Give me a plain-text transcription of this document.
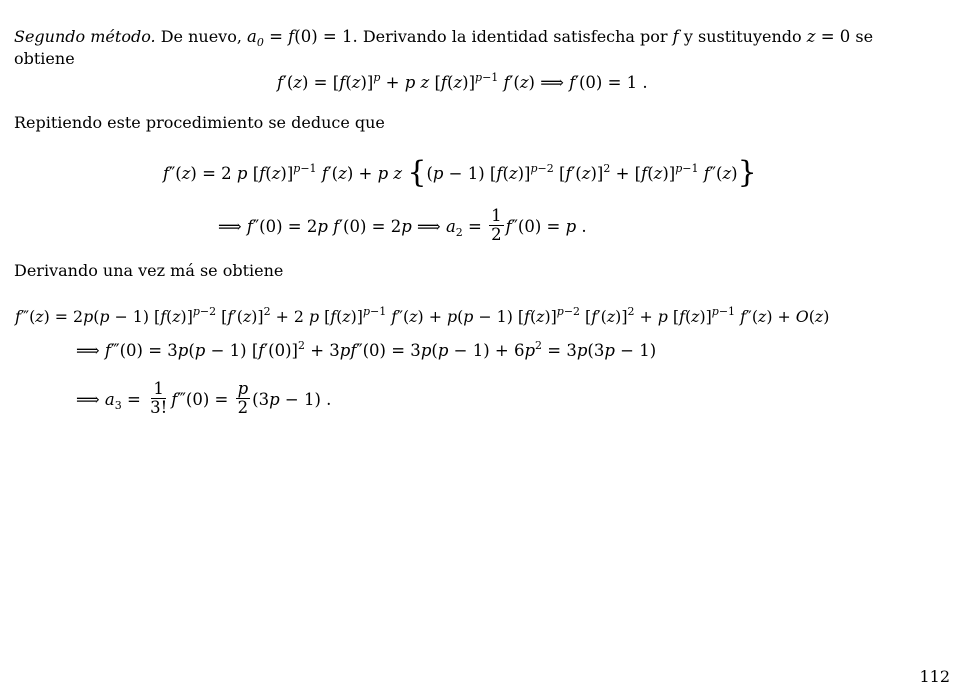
Segundo método. De nuevo, $a_0 = f(0) = 1$. Derivando la identidad satisfecha por f y sustituyendo z = 0 se
obtiene
$f'(z) = [f(z)]^p + p$ z $[f(z)]^{p-1}$ f′(z) ⟹ f′(0) = 1 .
Repitiendo este procedimiento se deduce que
f″(z) = 2 p $[f(z)]^{p-1}$ f′(z) + p z {(p − 1) $[f(z)]^{p-2}$ $[f'(z)]^2 + [f(z)]^{p-1}$ f″(z)}
⟹ f″(0) = 2p f′(0) = 2p ⟹ $a_2 = \frac{1}{2} f''(0) = p$ .
Derivando una vez má se obtiene
f‴(z) = 2p(p − 1) $[f(z)]^{p-2}$ $[f'(z)]^2 + 2$ p $[f(z)]^{p-1}$ f″(z) + p(p − 1) $[f(z)]^{p-2}$ $[f'(z)]^2 + p$ $[f(z)]^{p-1}$ f″(z) + O(z)
⟹ f‴(0) = 3p(p − 1) $[f'(0)]^2 + 3pf''(0) = 3p(p - 1) + 6p^2 = 3p(3p - 1)$
⟹ $a_3 = \frac{1}{3!}$ f‴(0) = $\frac{p}{2} (3p - 1)$ .
112
